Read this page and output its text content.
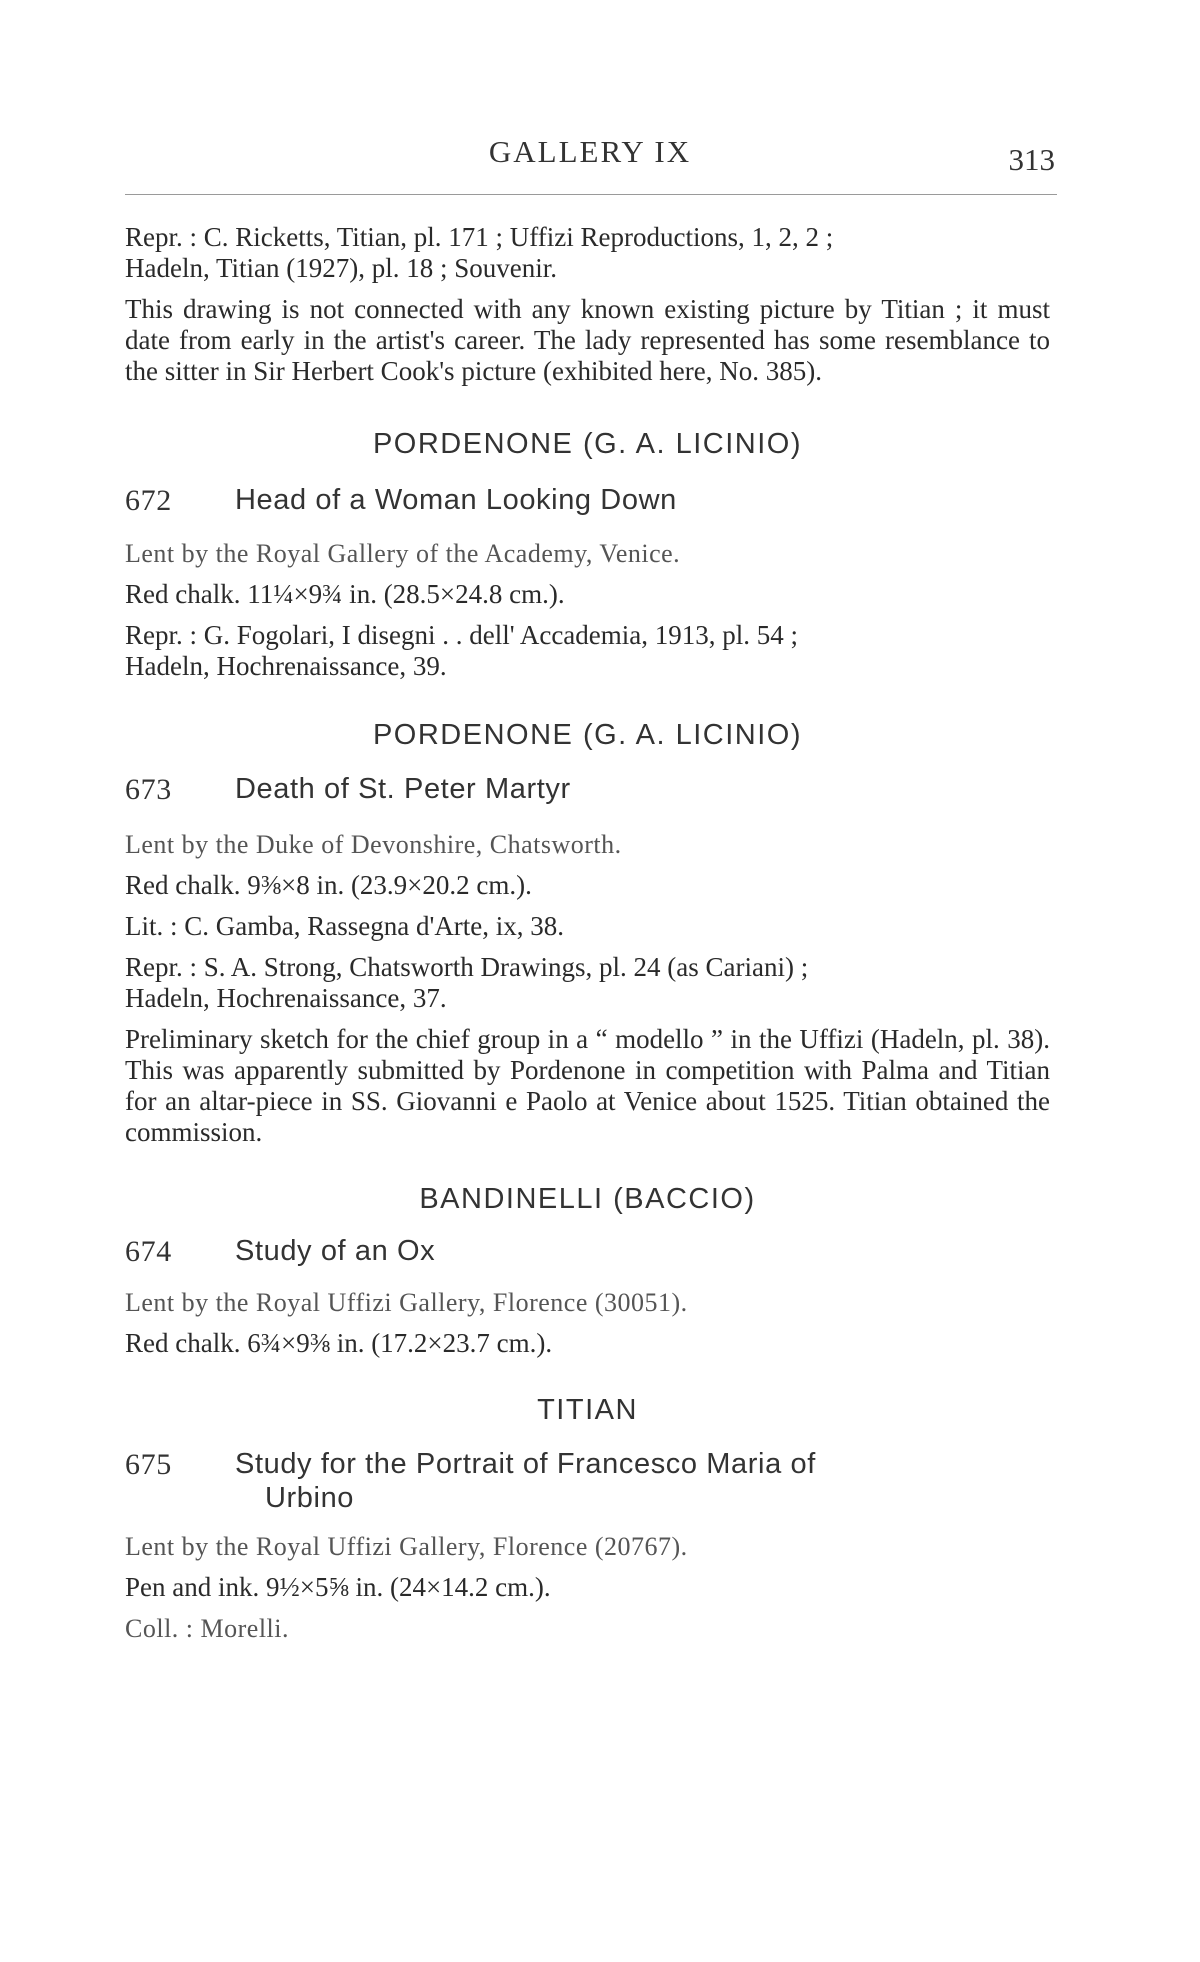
GALLERY IX	313

Repr. : C. Ricketts, Titian, pl. 171 ; Uffizi Reproductions, 1, 2, 2 ;

Hadeln, Titian (1927), pl. 18 ; Souvenir.

This drawing is not connected with any known existing picture by Titian ; it must date from early in the artist's career. The lady represented has some resemblance to the sitter in Sir Herbert Cook's picture (exhibited here, No. 385).

PORDENONE (G. A. LICINIO)

672	Head of a Woman Looking Down

Lent by the Royal Gallery of the Academy, Venice.

Red chalk. 11¼×9¾ in. (28.5×24.8 cm.).

Repr. : G. Fogolari, I disegni . . dell' Accademia, 1913, pl. 54 ;

Hadeln, Hochrenaissance, 39.

PORDENONE (G. A. LICINIO)

673	Death of St. Peter Martyr

Lent by the Duke of Devonshire, Chatsworth.

Red chalk. 9⅜×8 in. (23.9×20.2 cm.).

Lit. : C. Gamba, Rassegna d'Arte, ix, 38.

Repr. : S. A. Strong, Chatsworth Drawings, pl. 24 (as Cariani) ;

Hadeln, Hochrenaissance, 37.

Preliminary sketch for the chief group in a “ modello ” in the Uffizi (Hadeln, pl. 38). This was apparently submitted by Pordenone in competition with Palma and Titian for an altar-piece in SS. Giovanni e Paolo at Venice about 1525. Titian obtained the commission.

BANDINELLI (BACCIO)

674	Study of an Ox

Lent by the Royal Uffizi Gallery, Florence (30051).

Red chalk. 6¾×9⅜ in. (17.2×23.7 cm.).

TITIAN

675	Study for the Portrait of Francesco Maria of
Urbino

Lent by the Royal Uffizi Gallery, Florence (20767).

Pen and ink. 9½×5⅝ in. (24×14.2 cm.).

Coll. : Morelli.
